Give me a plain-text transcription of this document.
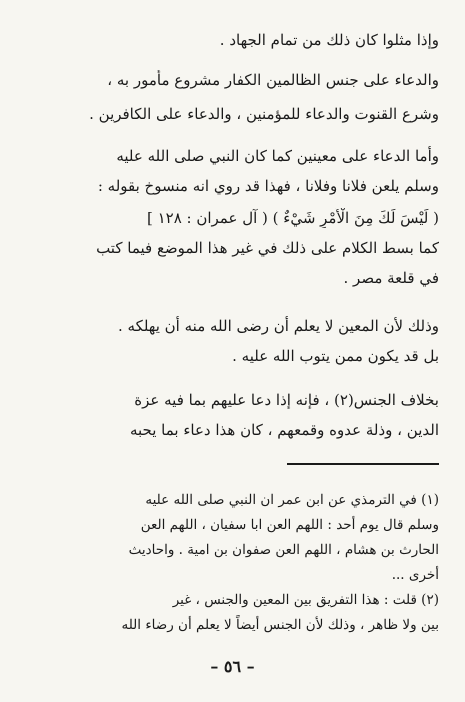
وإذا مثلوا كان ذلك من تمام الجهاد .
والدعاء على جنس الظالمين الكفار مشروع مأمور به ،
وشرع القنوت والدعاء للمؤمنين ، والدعاء على الكافرين .
وأما الدعاء على معينين كما كان النبي صلى الله عليه
وسلم يلعن فلانا وفلانا ، فهذا قد روي انه منسوخ بقوله :
( لَيْسَ لَكَ مِنَ الْأَمْرِ شَيْءٌ ) ( آل عمران : ١٢٨ ]
كما بسط الكلام على ذلك في غير هذا الموضع فيما كتب
في قلعة مصر .
وذلك لأن المعين لا يعلم أن رضى الله منه أن يهلكه .
بل قد يكون ممن يتوب الله عليه .
بخلاف الجنس(٢) ، فإنه إذا دعا عليهم بما فيه عزة
الدين ، وذلة عدوه وقمعهم ، كان هذا دعاء بما يحبه
(١) في الترمذي عن ابن عمر ان النبي صلى الله عليه
وسلم قال يوم أحد : اللهم العن ابا سفيان ، اللهم العن
الحارث بن هشام ، اللهم العن صفوان بن امية . واحاديث
أخرى ...
(٢) قلت : هذا التفريق بين المعين والجنس ، غير
بين ولا ظاهر ، وذلك لأن الجنس أيضاً لا يعلم أن رضاء الله
– ٥٦ –
